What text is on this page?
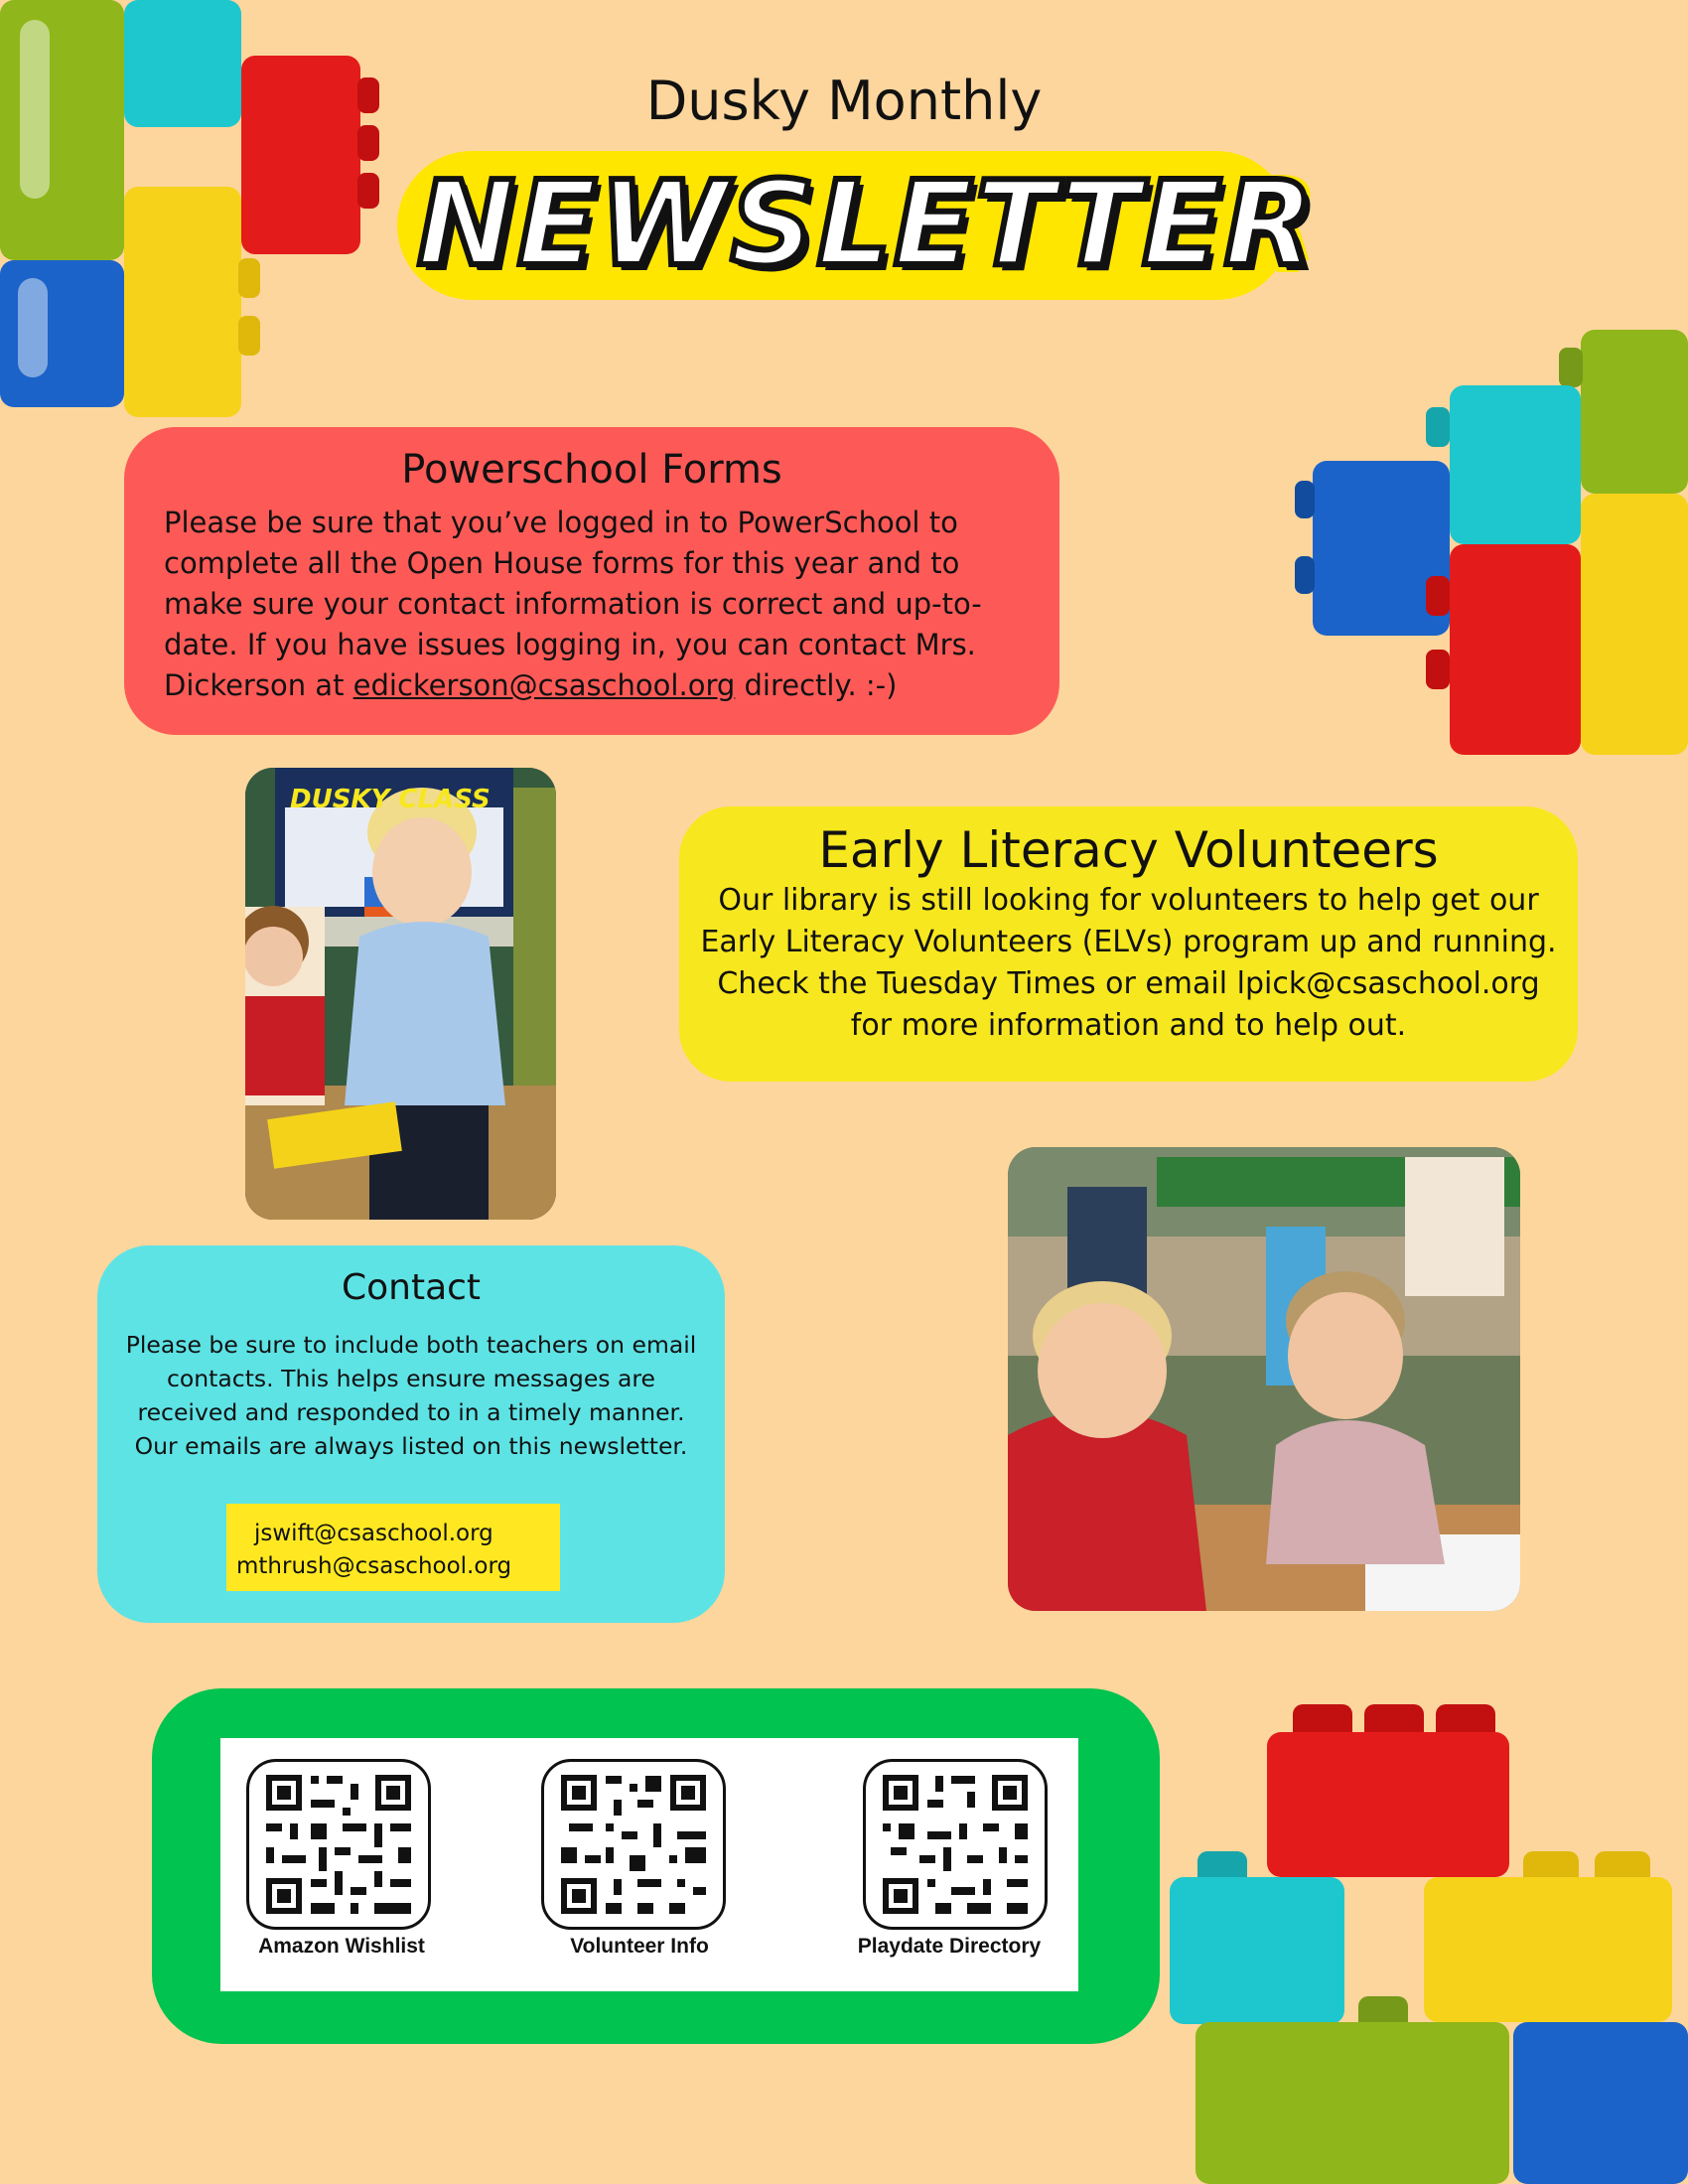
Dusky Monthly
NEWSLETTER
Powerschool Forms

Please be sure that you’ve logged in to PowerSchool to complete all the Open House forms for this year and to make sure your contact information is correct and up-to-date. If you have issues logging in, you can contact Mrs. Dickerson at edickerson@csaschool.org directly. :-)

DUSKY CLASS
Early Literacy Volunteers

Our library is still looking for volunteers to help get our Early Literacy Volunteers (ELVs) program up and running. Check the Tuesday Times or email lpick@csaschool.org for more information and to help out.

Contact

Please be sure to include both teachers on email contacts. This helps ensure messages are received and responded to in a timely manner. Our emails are always listed on this newsletter.

jswift@csaschool.org
mthrush@csaschool.org
Amazon Wishlist	Volunteer Info	Playdate Directory
